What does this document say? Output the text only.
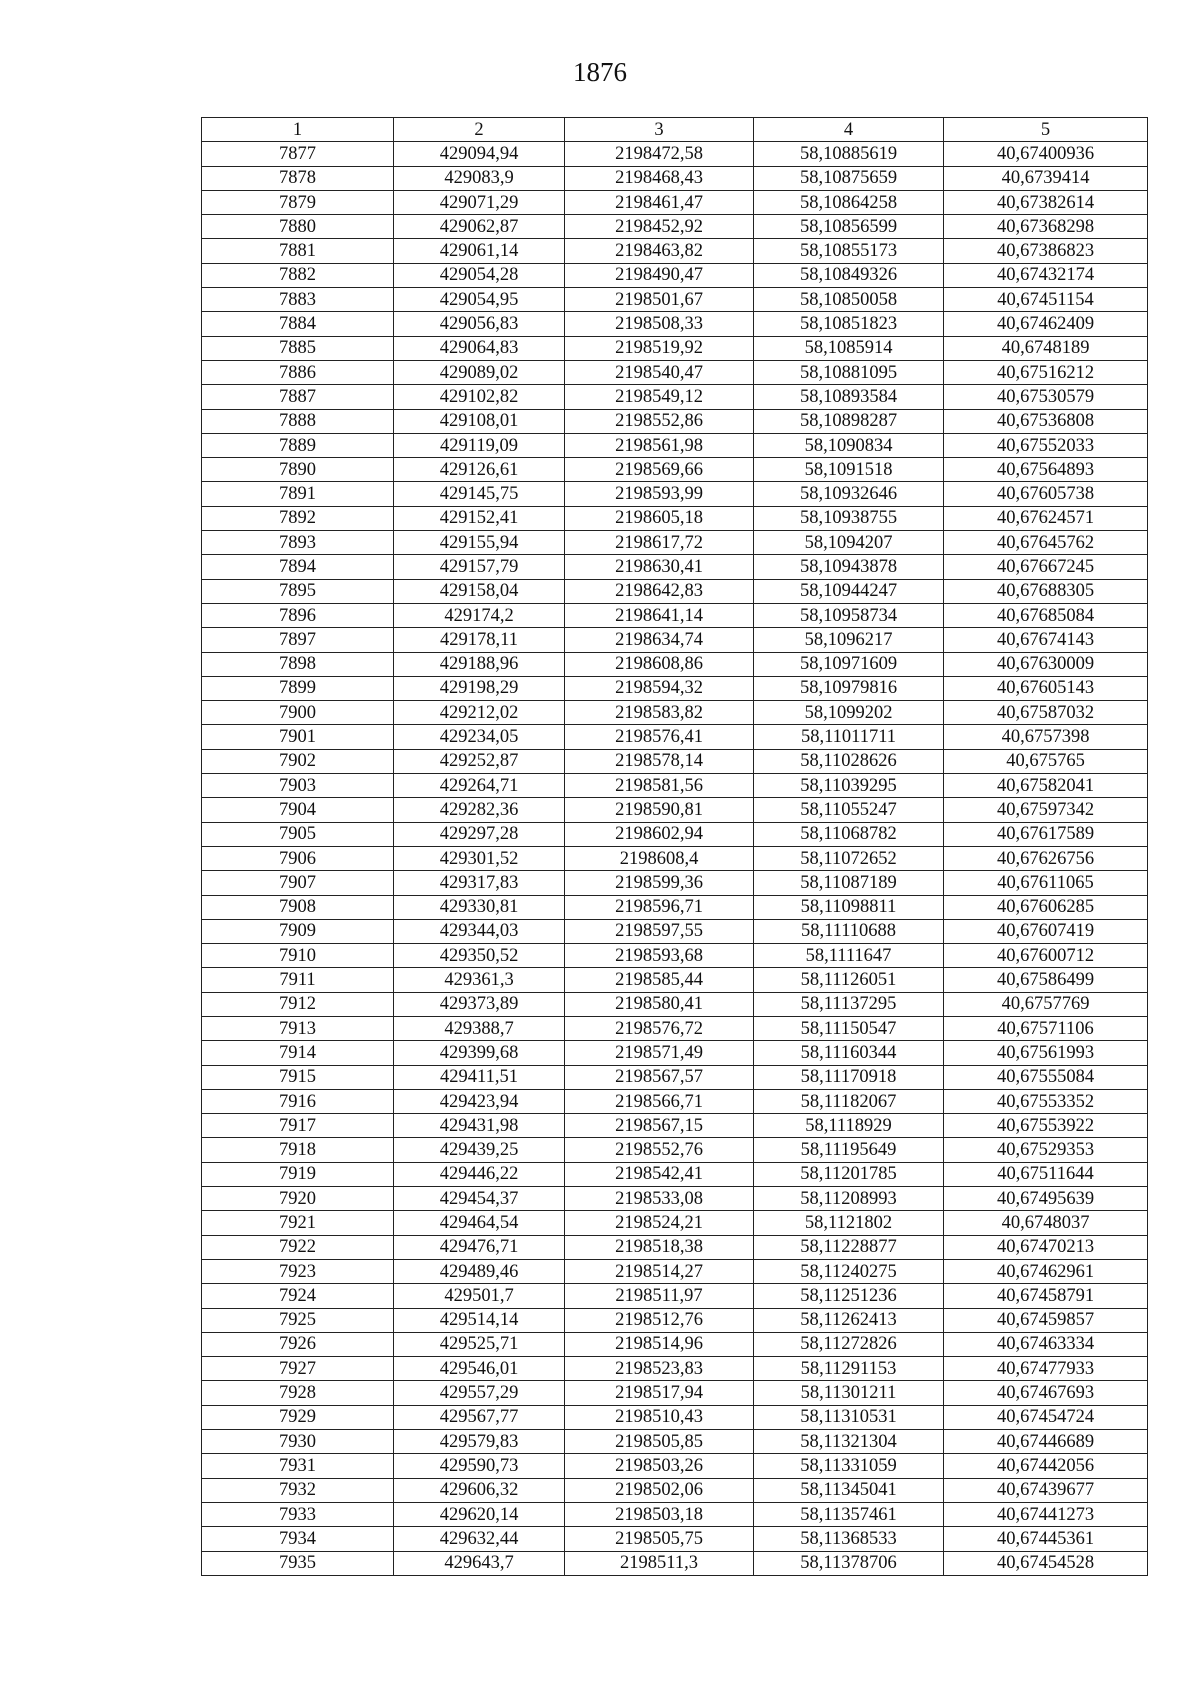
1876
1	2	3	4	5
7877	429094,94	2198472,58	58,10885619	40,67400936
7878	429083,9	2198468,43	58,10875659	40,6739414
7879	429071,29	2198461,47	58,10864258	40,67382614
7880	429062,87	2198452,92	58,10856599	40,67368298
7881	429061,14	2198463,82	58,10855173	40,67386823
7882	429054,28	2198490,47	58,10849326	40,67432174
7883	429054,95	2198501,67	58,10850058	40,67451154
7884	429056,83	2198508,33	58,10851823	40,67462409
7885	429064,83	2198519,92	58,1085914	40,6748189
7886	429089,02	2198540,47	58,10881095	40,67516212
7887	429102,82	2198549,12	58,10893584	40,67530579
7888	429108,01	2198552,86	58,10898287	40,67536808
7889	429119,09	2198561,98	58,1090834	40,67552033
7890	429126,61	2198569,66	58,1091518	40,67564893
7891	429145,75	2198593,99	58,10932646	40,67605738
7892	429152,41	2198605,18	58,10938755	40,67624571
7893	429155,94	2198617,72	58,1094207	40,67645762
7894	429157,79	2198630,41	58,10943878	40,67667245
7895	429158,04	2198642,83	58,10944247	40,67688305
7896	429174,2	2198641,14	58,10958734	40,67685084
7897	429178,11	2198634,74	58,1096217	40,67674143
7898	429188,96	2198608,86	58,10971609	40,67630009
7899	429198,29	2198594,32	58,10979816	40,67605143
7900	429212,02	2198583,82	58,1099202	40,67587032
7901	429234,05	2198576,41	58,11011711	40,6757398
7902	429252,87	2198578,14	58,11028626	40,675765
7903	429264,71	2198581,56	58,11039295	40,67582041
7904	429282,36	2198590,81	58,11055247	40,67597342
7905	429297,28	2198602,94	58,11068782	40,67617589
7906	429301,52	2198608,4	58,11072652	40,67626756
7907	429317,83	2198599,36	58,11087189	40,67611065
7908	429330,81	2198596,71	58,11098811	40,67606285
7909	429344,03	2198597,55	58,11110688	40,67607419
7910	429350,52	2198593,68	58,1111647	40,67600712
7911	429361,3	2198585,44	58,11126051	40,67586499
7912	429373,89	2198580,41	58,11137295	40,6757769
7913	429388,7	2198576,72	58,11150547	40,67571106
7914	429399,68	2198571,49	58,11160344	40,67561993
7915	429411,51	2198567,57	58,11170918	40,67555084
7916	429423,94	2198566,71	58,11182067	40,67553352
7917	429431,98	2198567,15	58,1118929	40,67553922
7918	429439,25	2198552,76	58,11195649	40,67529353
7919	429446,22	2198542,41	58,11201785	40,67511644
7920	429454,37	2198533,08	58,11208993	40,67495639
7921	429464,54	2198524,21	58,1121802	40,6748037
7922	429476,71	2198518,38	58,11228877	40,67470213
7923	429489,46	2198514,27	58,11240275	40,67462961
7924	429501,7	2198511,97	58,11251236	40,67458791
7925	429514,14	2198512,76	58,11262413	40,67459857
7926	429525,71	2198514,96	58,11272826	40,67463334
7927	429546,01	2198523,83	58,11291153	40,67477933
7928	429557,29	2198517,94	58,11301211	40,67467693
7929	429567,77	2198510,43	58,11310531	40,67454724
7930	429579,83	2198505,85	58,11321304	40,67446689
7931	429590,73	2198503,26	58,11331059	40,67442056
7932	429606,32	2198502,06	58,11345041	40,67439677
7933	429620,14	2198503,18	58,11357461	40,67441273
7934	429632,44	2198505,75	58,11368533	40,67445361
7935	429643,7	2198511,3	58,11378706	40,67454528
